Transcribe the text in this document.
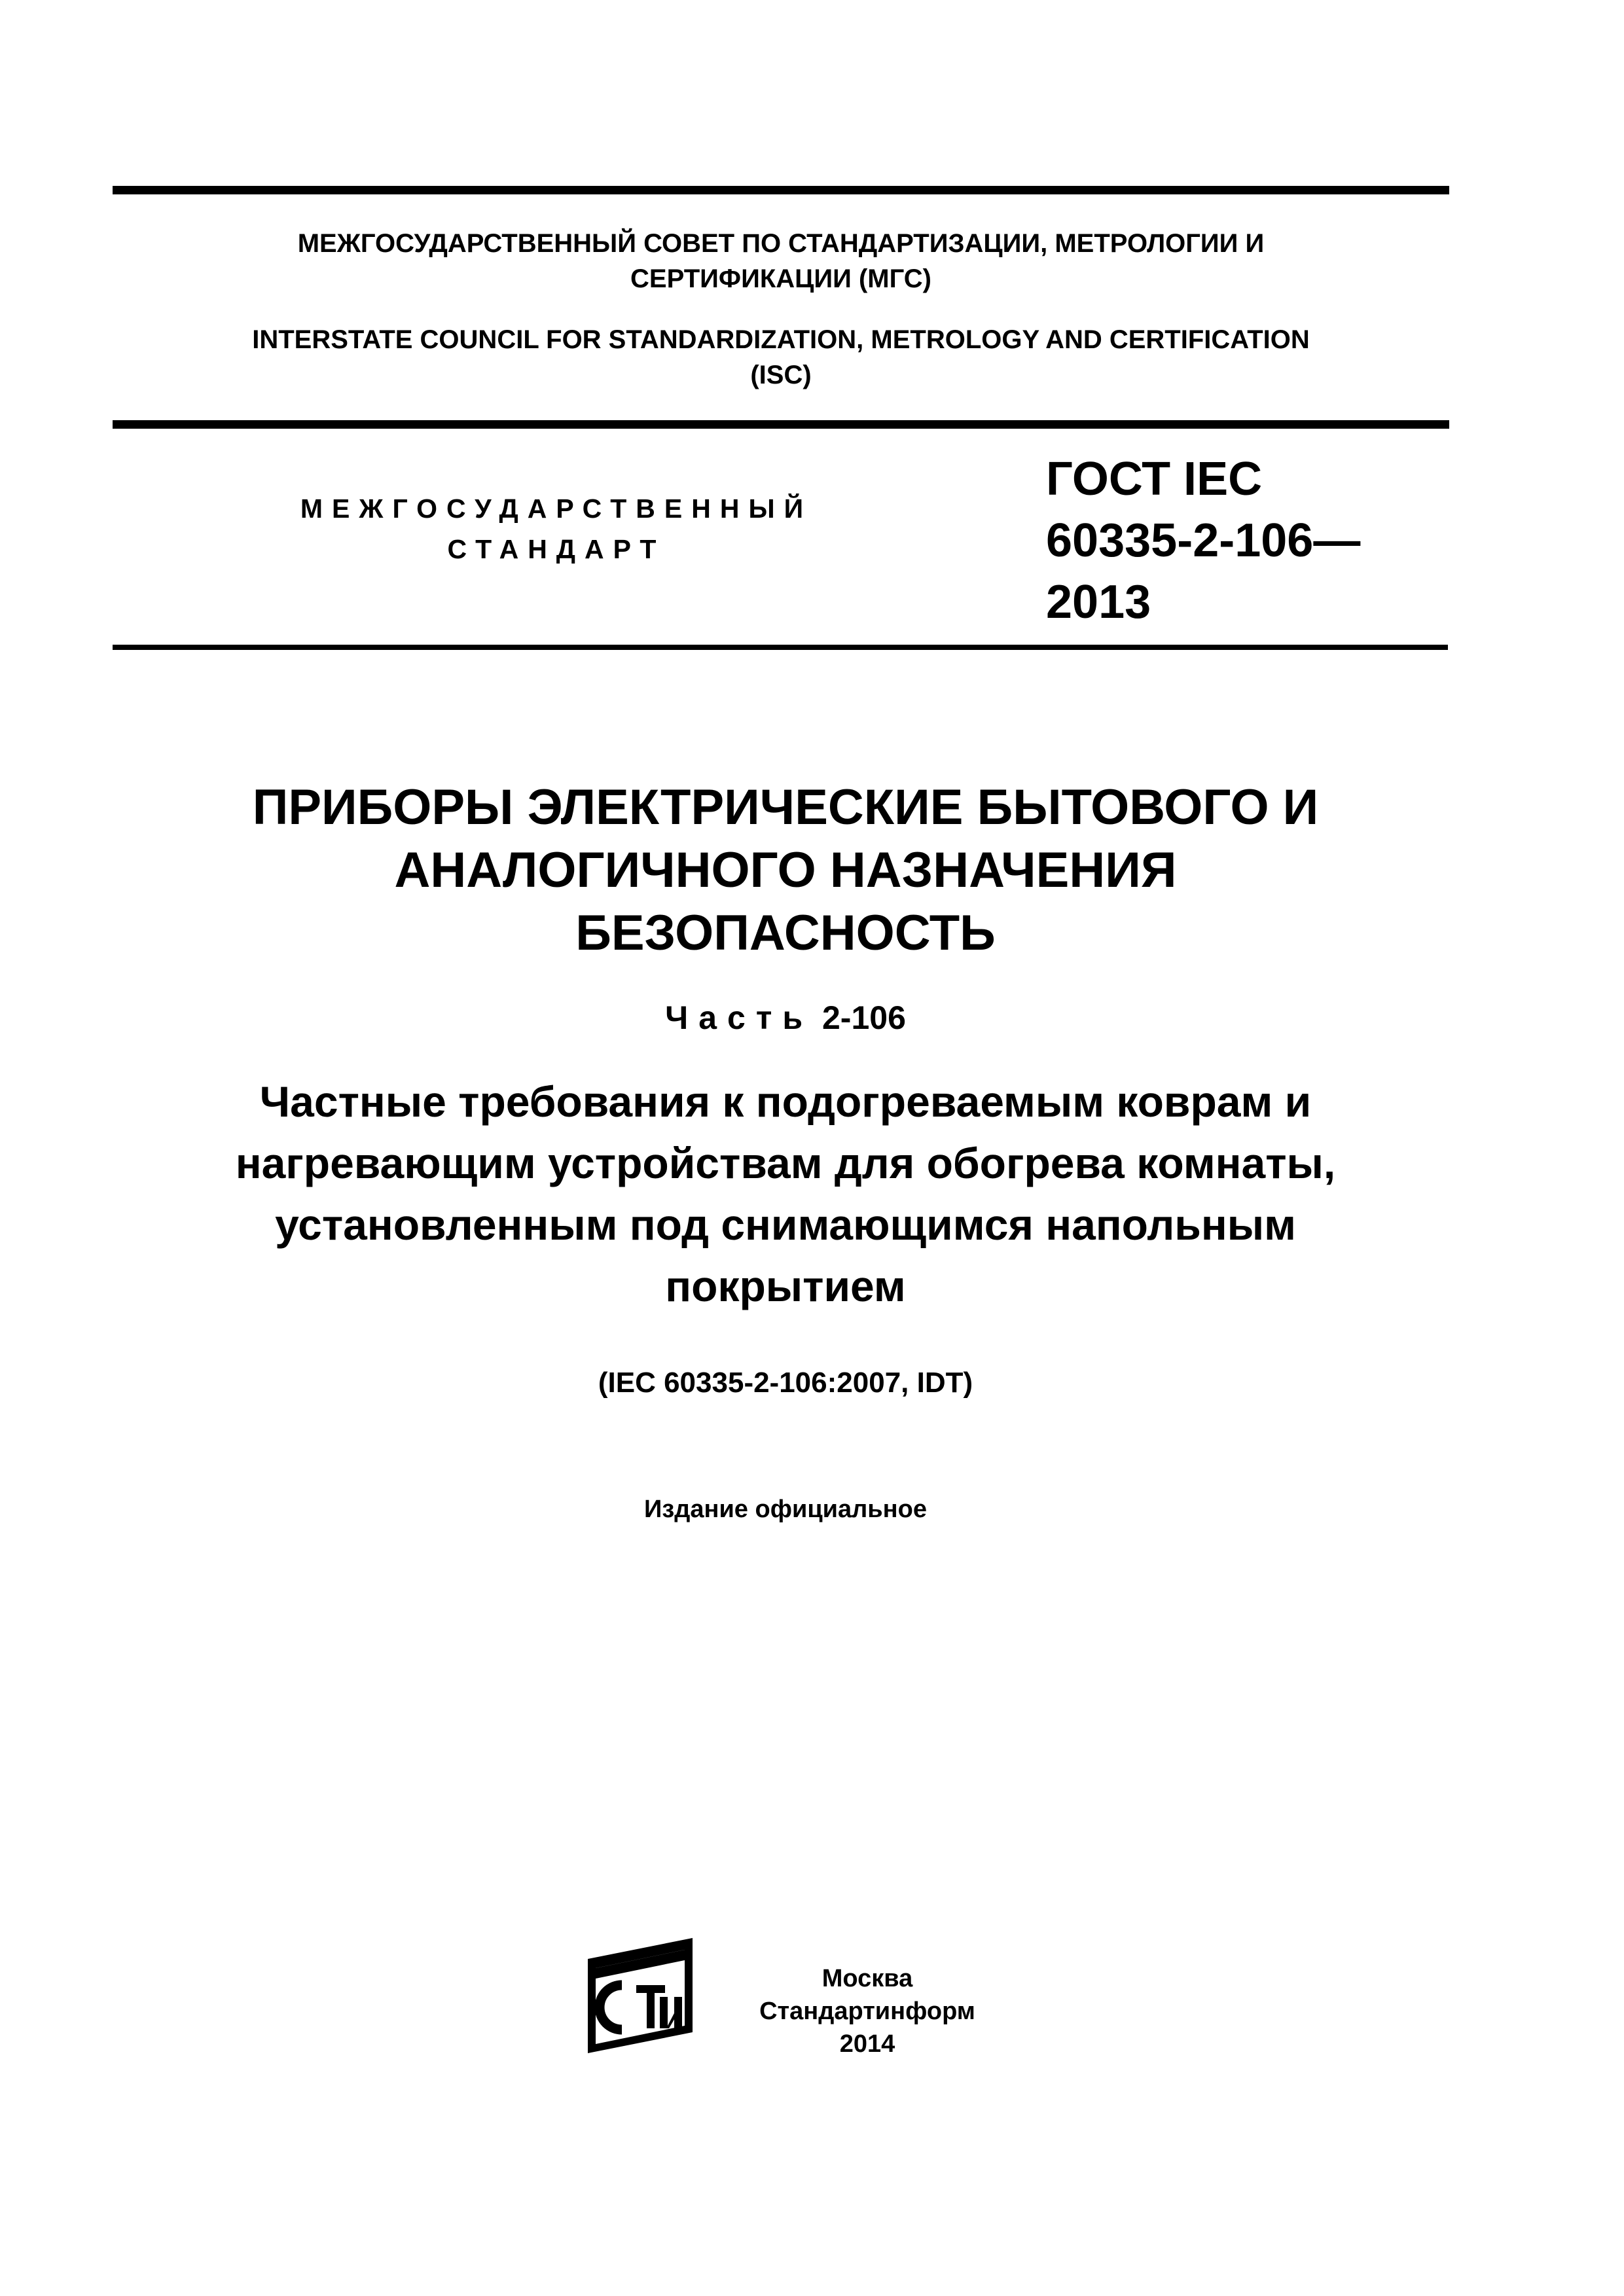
МЕЖГОСУДАРСТВЕННЫЙ СОВЕТ ПО СТАНДАРТИЗАЦИИ, МЕТРОЛОГИИ И
СЕРТИФИКАЦИИ (МГС)
INTERSTATE COUNCIL FOR STANDARDIZATION, METROLOGY AND CERTIFICATION
(ISC)
МЕЖГОСУДАРСТВЕННЫЙ
СТАНДАРТ
ГОСТ IEC
60335-2-106—
2013
ПРИБОРЫ ЭЛЕКТРИЧЕСКИЕ БЫТОВОГО И
АНАЛОГИЧНОГО НАЗНАЧЕНИЯ
БЕЗОПАСНОСТЬ
Часть 2-106
Частные требования к подогреваемым коврам и
нагревающим устройствам для обогрева комнаты,
установленным под снимающимся напольным
покрытием
(IEC 60335-2-106:2007, IDT)
Издание официальное
Москва
Стандартинформ
2014
